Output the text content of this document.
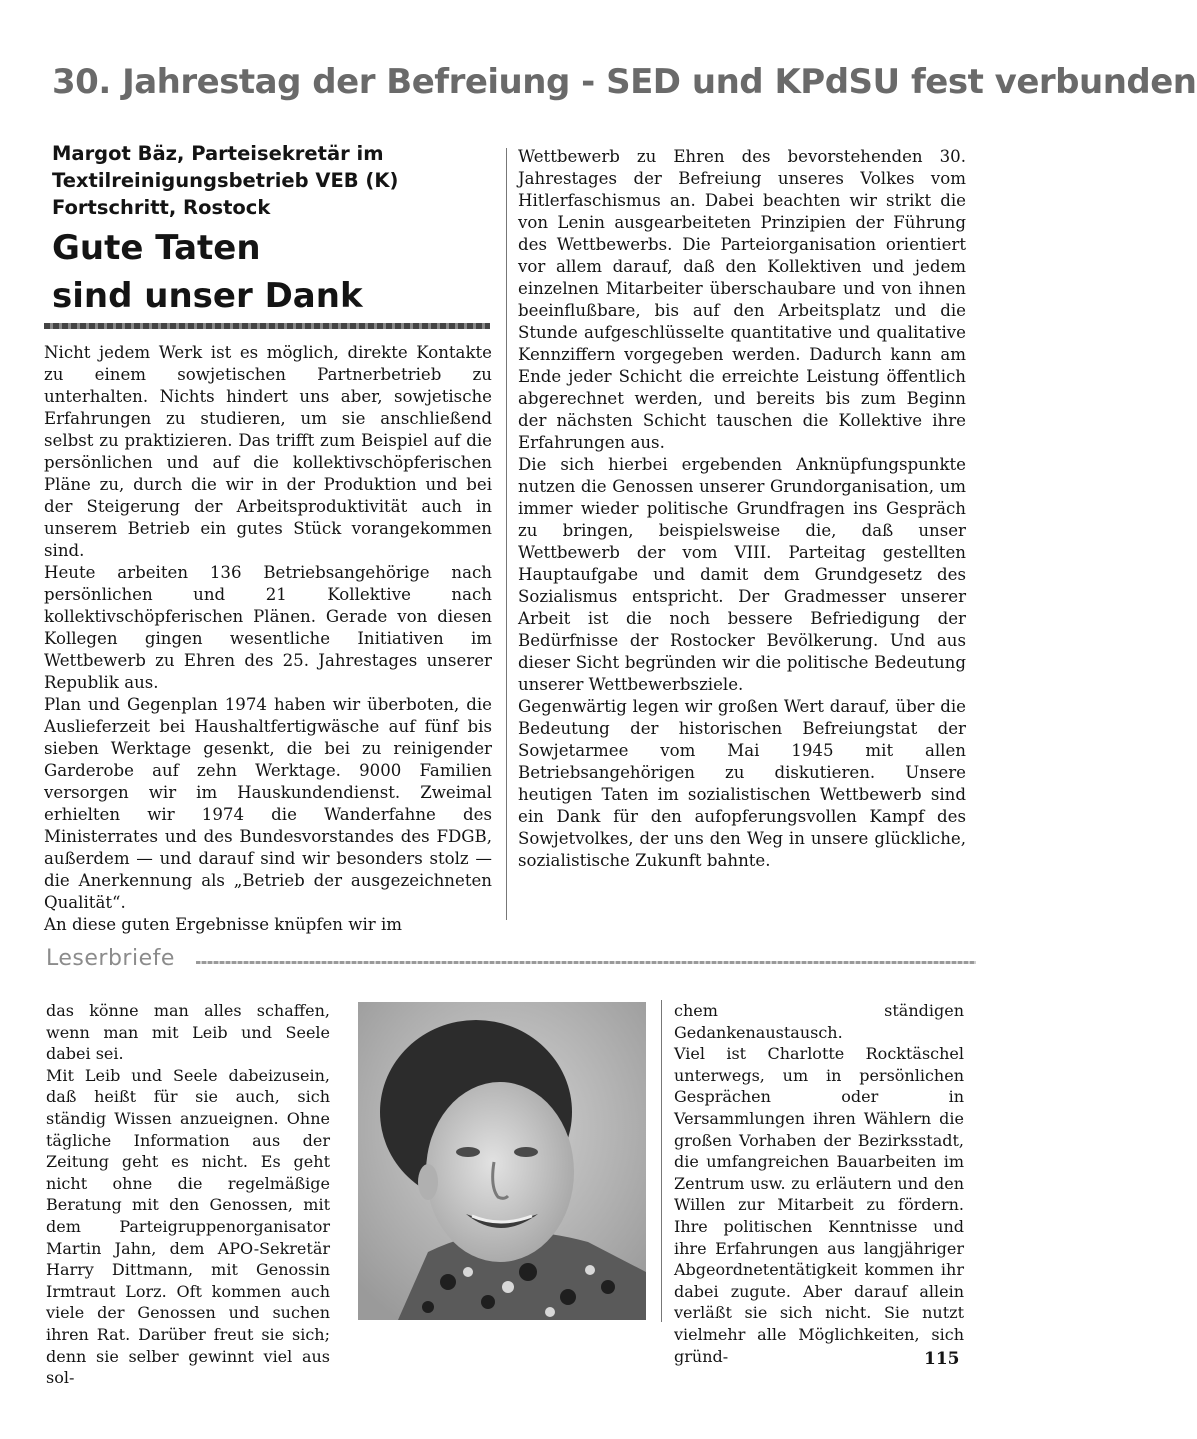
30. Jahrestag der Befreiung - SED und KPdSU fest verbunden
Margot Bäz, Parteisekretär im Textilreinigungsbetrieb VEB (K) Fortschritt, Rostock
Gute Taten
sind unser Dank

Nicht jedem Werk ist es möglich, direkte Kontakte zu einem sowjetischen Partnerbetrieb zu unterhalten. Nichts hindert uns aber, sowjetische Erfahrungen zu studieren, um sie anschließend selbst zu praktizieren. Das trifft zum Beispiel auf die persönlichen und auf die kollektivschöpferischen Pläne zu, durch die wir in der Produktion und bei der Steigerung der Arbeitsproduktivität auch in unserem Betrieb ein gutes Stück vorangekommen sind.

Heute arbeiten 136 Betriebsangehörige nach persönlichen und 21 Kollektive nach kollektivschöpferischen Plänen. Gerade von diesen Kollegen gingen wesentliche Initiativen im Wettbewerb zu Ehren des 25. Jahrestages unserer Republik aus.

Plan und Gegenplan 1974 haben wir überboten, die Auslieferzeit bei Haushaltfertigwäsche auf fünf bis sieben Werktage gesenkt, die bei zu reinigender Garderobe auf zehn Werktage. 9000 Familien versorgen wir im Hauskundendienst. Zweimal erhielten wir 1974 die Wanderfahne des Ministerrates und des Bundesvorstandes des FDGB, außerdem — und darauf sind wir besonders stolz — die Anerkennung als „Betrieb der ausgezeichneten Qualität“.

An diese guten Ergebnisse knüpfen wir im

Wettbewerb zu Ehren des bevorstehenden 30. Jahrestages der Befreiung unseres Volkes vom Hitlerfaschismus an. Dabei beachten wir strikt die von Lenin ausgearbeiteten Prinzipien der Führung des Wettbewerbs. Die Parteiorganisation orientiert vor allem darauf, daß den Kollektiven und jedem einzelnen Mitarbeiter überschaubare und von ihnen beeinflußbare, bis auf den Arbeitsplatz und die Stunde aufgeschlüsselte quantitative und qualitative Kennziffern vorgegeben werden. Dadurch kann am Ende jeder Schicht die erreichte Leistung öffentlich abgerechnet werden, und bereits bis zum Beginn der nächsten Schicht tauschen die Kollektive ihre Erfahrungen aus.

Die sich hierbei ergebenden Anknüpfungspunkte nutzen die Genossen unserer Grundorganisation, um immer wieder politische Grundfragen ins Gespräch zu bringen, beispielsweise die, daß unser Wettbewerb der vom VIII. Parteitag gestellten Hauptaufgabe und damit dem Grundgesetz des Sozialismus entspricht. Der Gradmesser unserer Arbeit ist die noch bessere Befriedigung der Bedürfnisse der Rostocker Bevölkerung. Und aus dieser Sicht begründen wir die politische Bedeutung unserer Wettbewerbsziele.

Gegenwärtig legen wir großen Wert darauf, über die Bedeutung der historischen Befreiungstat der Sowjetarmee vom Mai 1945 mit allen Betriebsangehörigen zu diskutieren. Unsere heutigen Taten im sozialistischen Wettbewerb sind ein Dank für den aufopferungsvollen Kampf des Sowjetvolkes, der uns den Weg in unsere glückliche, sozialistische Zukunft bahnte.

Leserbriefe

das könne man alles schaffen, wenn man mit Leib und Seele dabei sei.

Mit Leib und Seele dabeizusein, daß heißt für sie auch, sich ständig Wissen anzueignen. Ohne tägliche Information aus der Zeitung geht es nicht. Es geht nicht ohne die regelmäßige Beratung mit den Genossen, mit dem Parteigruppenorganisator Martin Jahn, dem APO-Sekretär Harry Dittmann, mit Genossin Irmtraut Lorz. Oft kommen auch viele der Genossen und suchen ihren Rat. Darüber freut sie sich; denn sie selber gewinnt viel aus sol-

chem ständigen Gedankenaustausch.

Viel ist Charlotte Rocktäschel unterwegs, um in persönlichen Gesprächen oder in Versammlungen ihren Wählern die großen Vorhaben der Bezirksstadt, die umfangreichen Bauarbeiten im Zentrum usw. zu erläutern und den Willen zur Mitarbeit zu fördern. Ihre politischen Kenntnisse und ihre Erfahrungen aus langjähriger Abgeordnetentätigkeit kommen ihr dabei zugute. Aber darauf allein verläßt sie sich nicht. Sie nutzt vielmehr alle Möglichkeiten, sich gründ-	115
